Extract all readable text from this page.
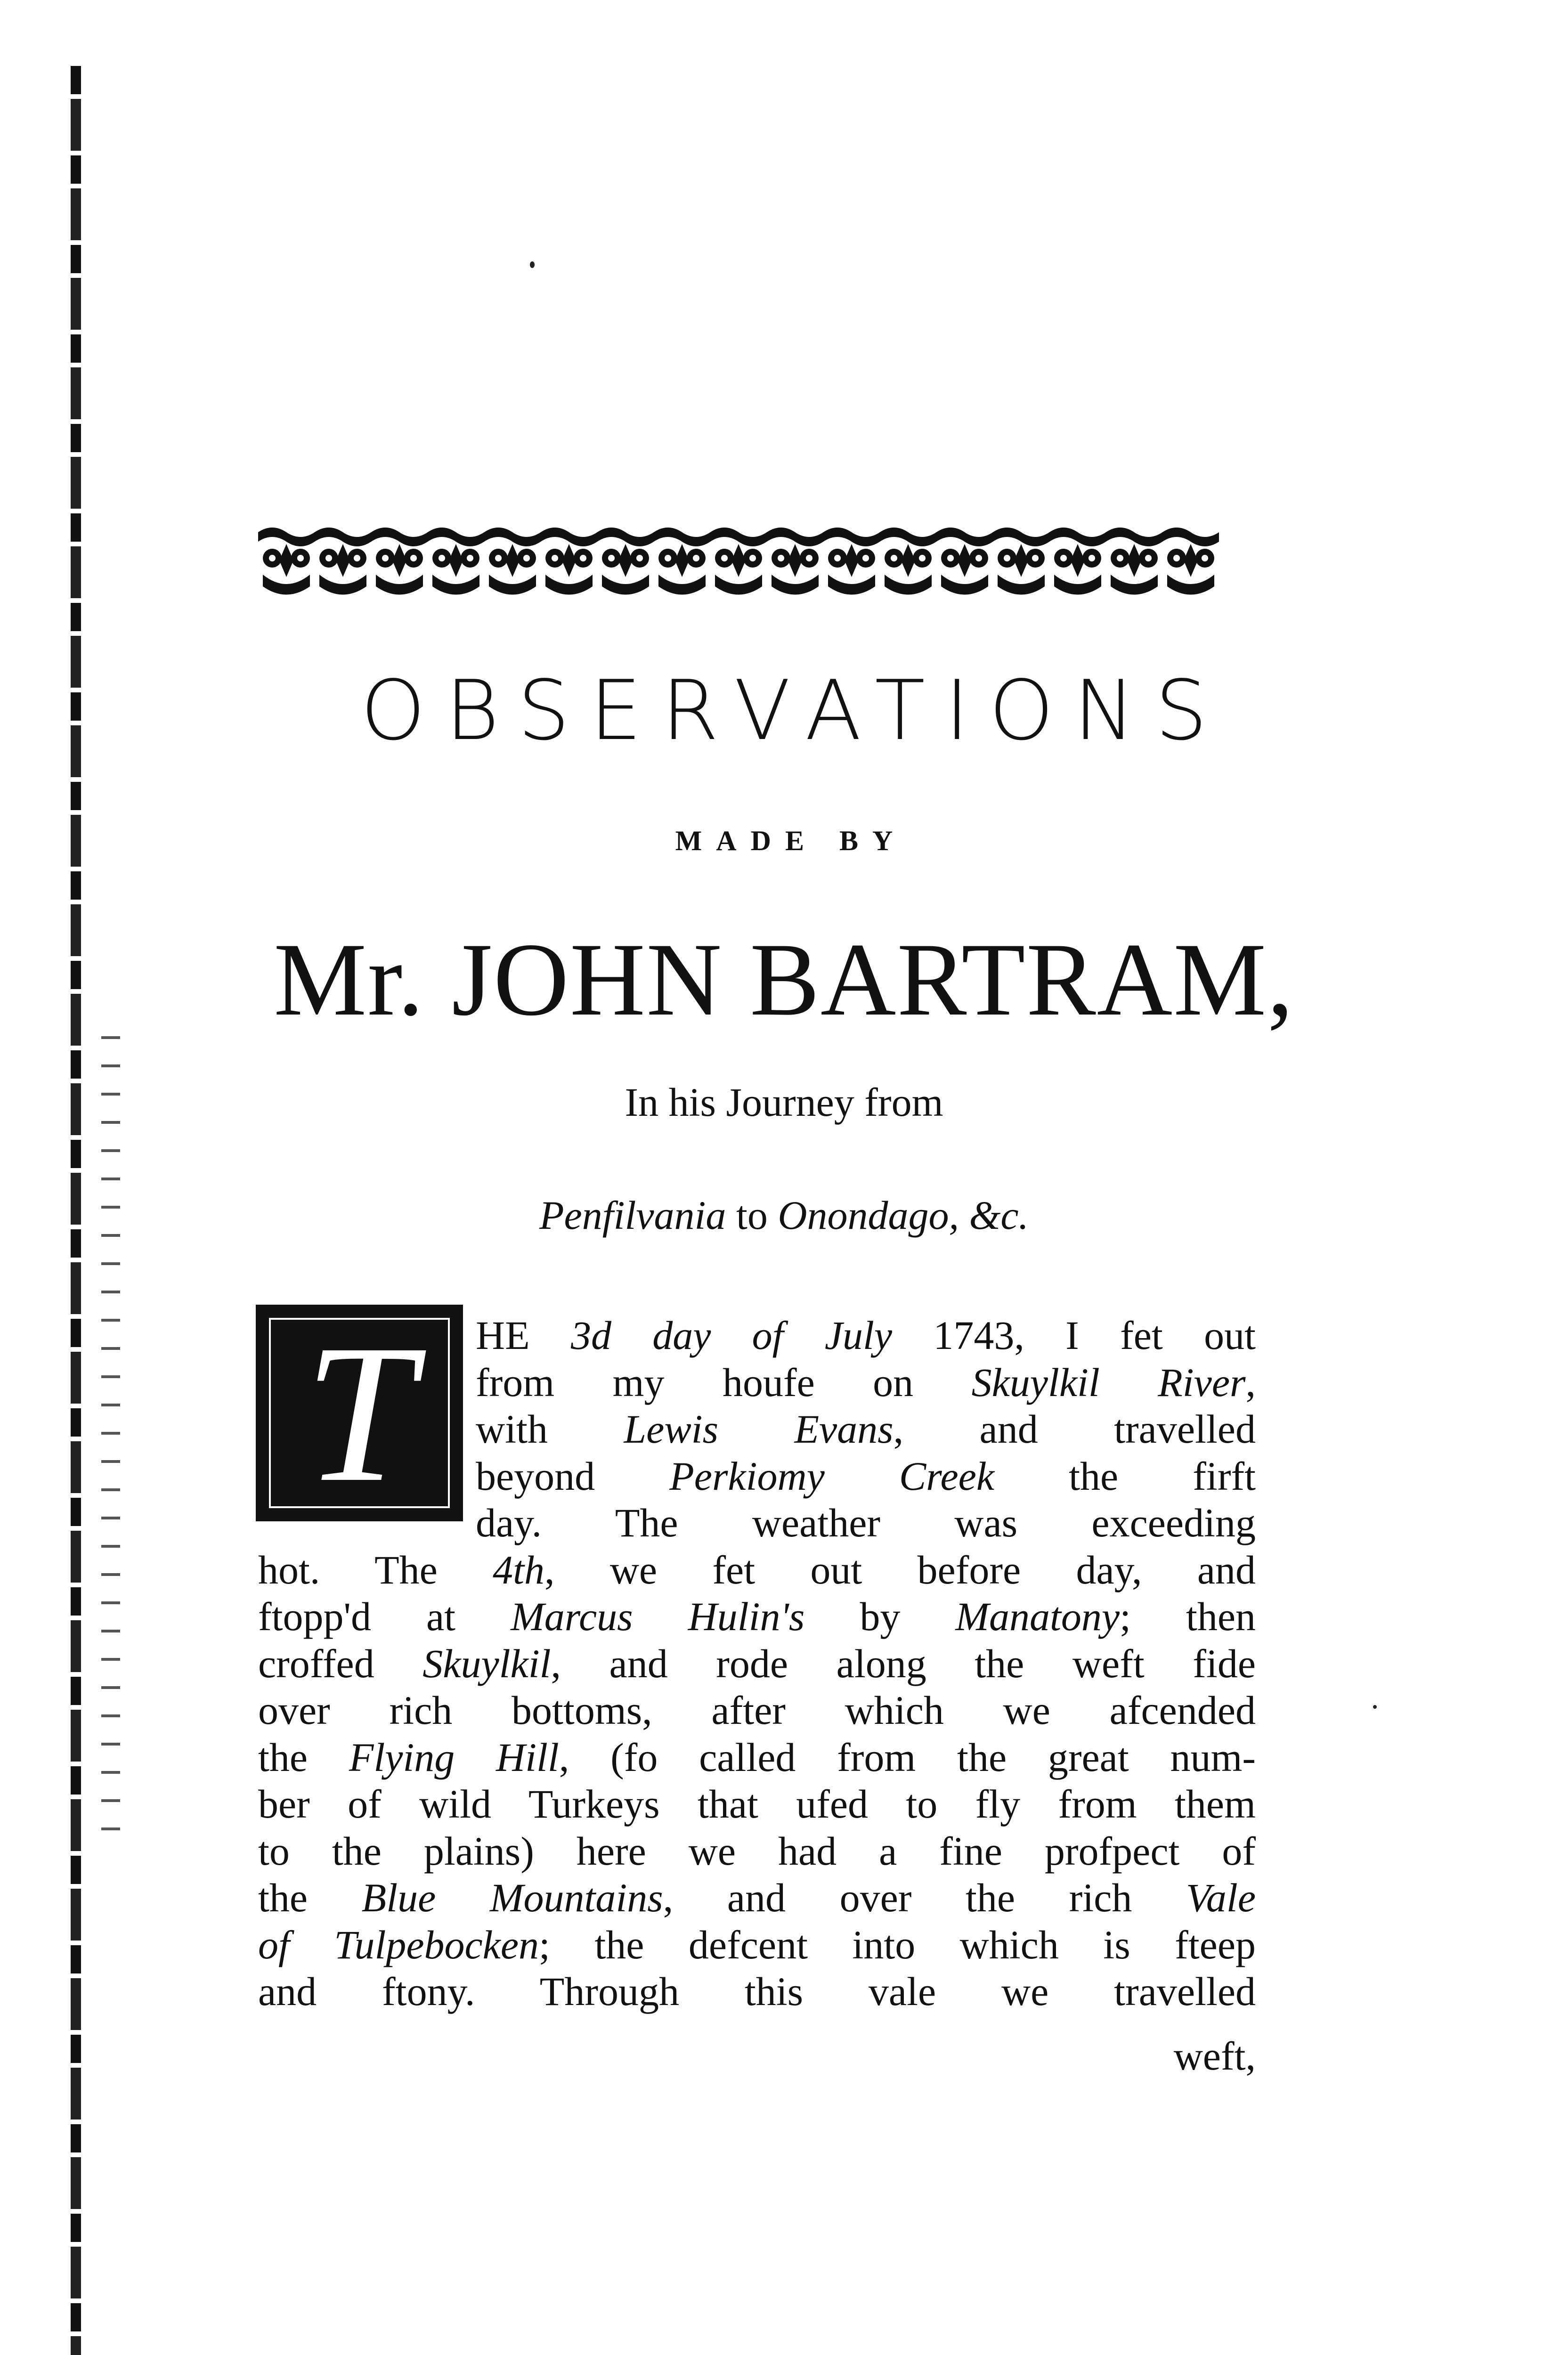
OBSERVATIONS
MADE BY
Mr. JOHN BARTRAM,
In his Journey from
Penfilvania to Onondago, &c.
T	HE 3d day of July 1743, I fet out
from my houfe on Skuylkil River,
with Lewis Evans, and travelled
beyond Perkiomy Creek the firft
day. The weather was exceeding
hot. The 4th, we fet out before day, and
ftopp'd at Marcus Hulin's by Manatony; then
croffed Skuylkil, and rode along the weft fide
over rich bottoms, after which we afcended
the Flying Hill, (fo called from the great num-
ber of wild Turkeys that ufed to fly from them
to the plains) here we had a fine profpect of
the Blue Mountains, and over the rich Vale
of Tulpebocken; the defcent into which is fteep
and ftony. Through this vale we travelled
weft,
